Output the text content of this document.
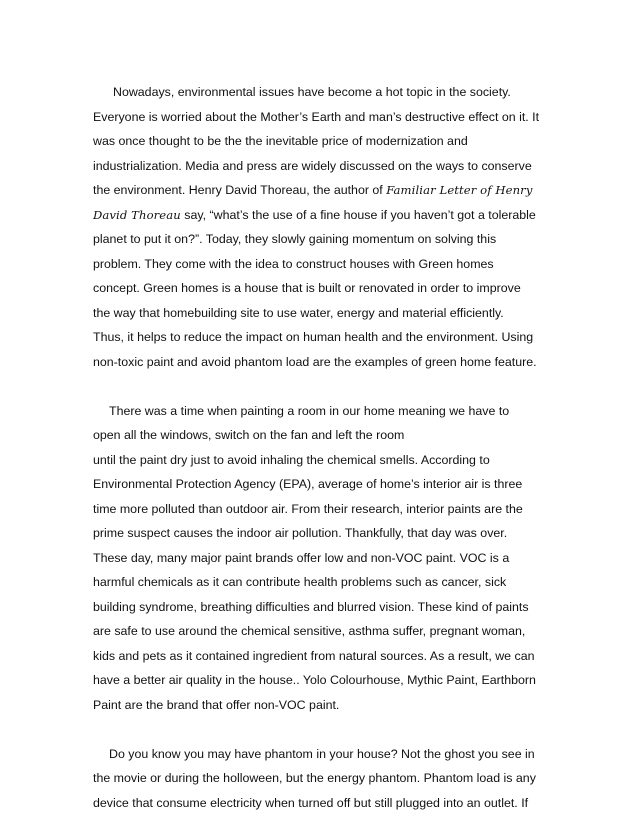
Nowadays, environmental issues have become a hot topic in the society.
Everyone is worried about the Mother’s Earth and man’s destructive effect on it. It
was once thought to be the the inevitable price of modernization and
industrialization. Media and press are widely discussed on the ways to conserve
the environment. Henry David Thoreau, the author of Familiar Letter of Henry
David Thoreau say, “what’s the use of a fine house if you haven’t got a tolerable
planet to put it on?”. Today, they slowly gaining momentum on solving this
problem. They come with the idea to construct houses with Green homes
concept. Green homes is a house that is built or renovated in order to improve
the way that homebuilding site to use water, energy and material efficiently.
Thus, it helps to reduce the impact on human health and the environment. Using
non-toxic paint and avoid phantom load are the examples of green home feature.
There was a time when painting a room in our home meaning we have to
open all the windows, switch on the fan and left the room
until the paint dry just to avoid inhaling the chemical smells. According to
Environmental Protection Agency (EPA), average of home’s interior air is three
time more polluted than outdoor air. From their research, interior paints are the
prime suspect causes the indoor air pollution. Thankfully, that day was over.
These day, many major paint brands offer low and non-VOC paint. VOC is a
harmful chemicals as it can contribute health problems such as cancer, sick
building syndrome, breathing difficulties and blurred vision. These kind of paints
are safe to use around the chemical sensitive, asthma suffer, pregnant woman,
kids and pets as it contained ingredient from natural sources. As a result, we can
have a better air quality in the house.. Yolo Colourhouse, Mythic Paint, Earthborn
Paint are the brand that offer non-VOC paint.
Do you know you may have phantom in your house? Not the ghost you see in
the movie or during the holloween, but the energy phantom. Phantom load is any
device that consume electricity when turned off but still plugged into an outlet. If
